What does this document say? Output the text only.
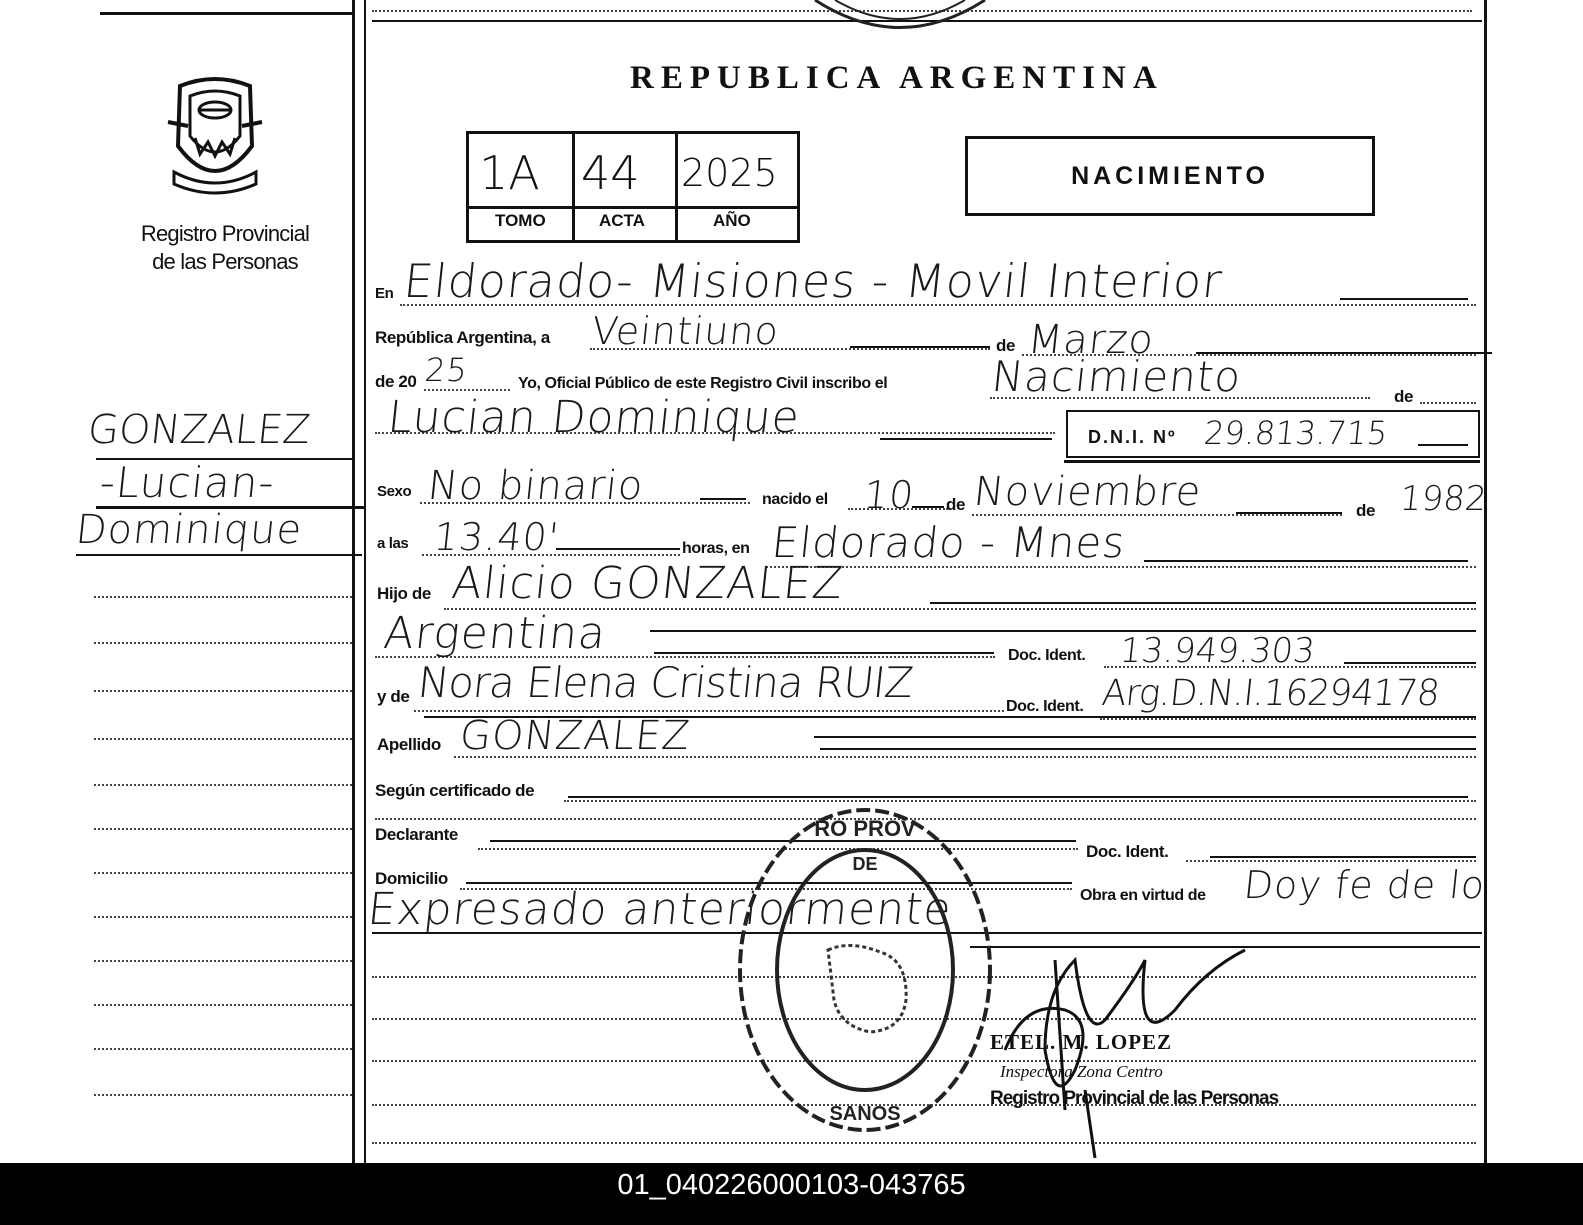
Registro Provincial
de las Personas
GONZALEZ
-Lucian-
Dominique
REPUBLICA ARGENTINA
1A 44 2025
TOMO	ACTA	AÑO
NACIMIENTO
En Eldorado- Misiones - Movil Interior
República Argentina, a Veintiuno	de Marzo
de 20 25	Yo, Oficial Público de este Registro Civil inscribo el Nacimiento	de
Lucian Dominique	D.N.I. Nº 29.813.715
Sexo No binario	nacido el 10 de Noviembre	de 1982
a las 13.40'	horas, en Eldorado - Mnes
Hijo de Alicio GONZALEZ
Argentina	Doc. Ident. 13.949.303
y de Nora Elena Cristina RUIZ	Doc. Ident. Arg.D.N.I.16294178
Apellido GONZALEZ
Según certificado de
Declarante
Doc. Ident.
Domicilio
Obra en virtud de Doy fe de lo
Expresado anteriormente
RO PROV
DE
SANOS
ETEL. M. LOPEZ
Inspectora Zona Centro
Registro Provincial de las Personas
01_040226000103-043765
